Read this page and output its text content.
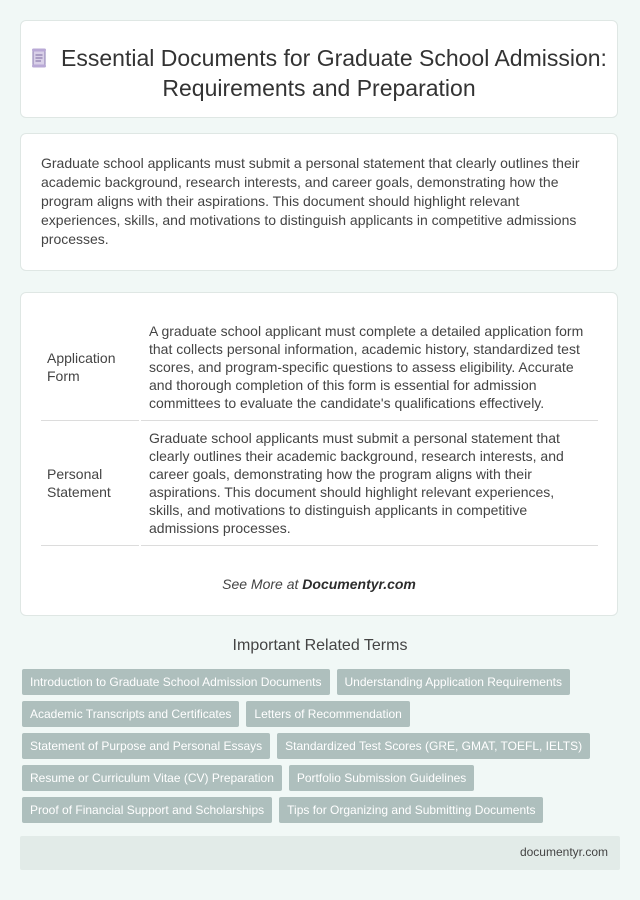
Essential Documents for Graduate School Admission: Requirements and Preparation
Graduate school applicants must submit a personal statement that clearly outlines their academic background, research interests, and career goals, demonstrating how the program aligns with their aspirations. This document should highlight relevant experiences, skills, and motivations to distinguish applicants in competitive admissions processes.
Application Form	A graduate school applicant must complete a detailed application form that collects personal information, academic history, standardized test scores, and program-specific questions to assess eligibility. Accurate and thorough completion of this form is essential for admission committees to evaluate the candidate's qualifications effectively.
Personal Statement	Graduate school applicants must submit a personal statement that clearly outlines their academic background, research interests, and career goals, demonstrating how the program aligns with their aspirations. This document should highlight relevant experiences, skills, and motivations to distinguish applicants in competitive admissions processes.
See More at Documentyr.com
Important Related Terms
Introduction to Graduate School Admission Documents Understanding Application Requirements
Academic Transcripts and Certificates Letters of Recommendation
Statement of Purpose and Personal Essays Standardized Test Scores (GRE, GMAT, TOEFL, IELTS)
Resume or Curriculum Vitae (CV) Preparation Portfolio Submission Guidelines
Proof of Financial Support and Scholarships Tips for Organizing and Submitting Documents
documentyr.com
